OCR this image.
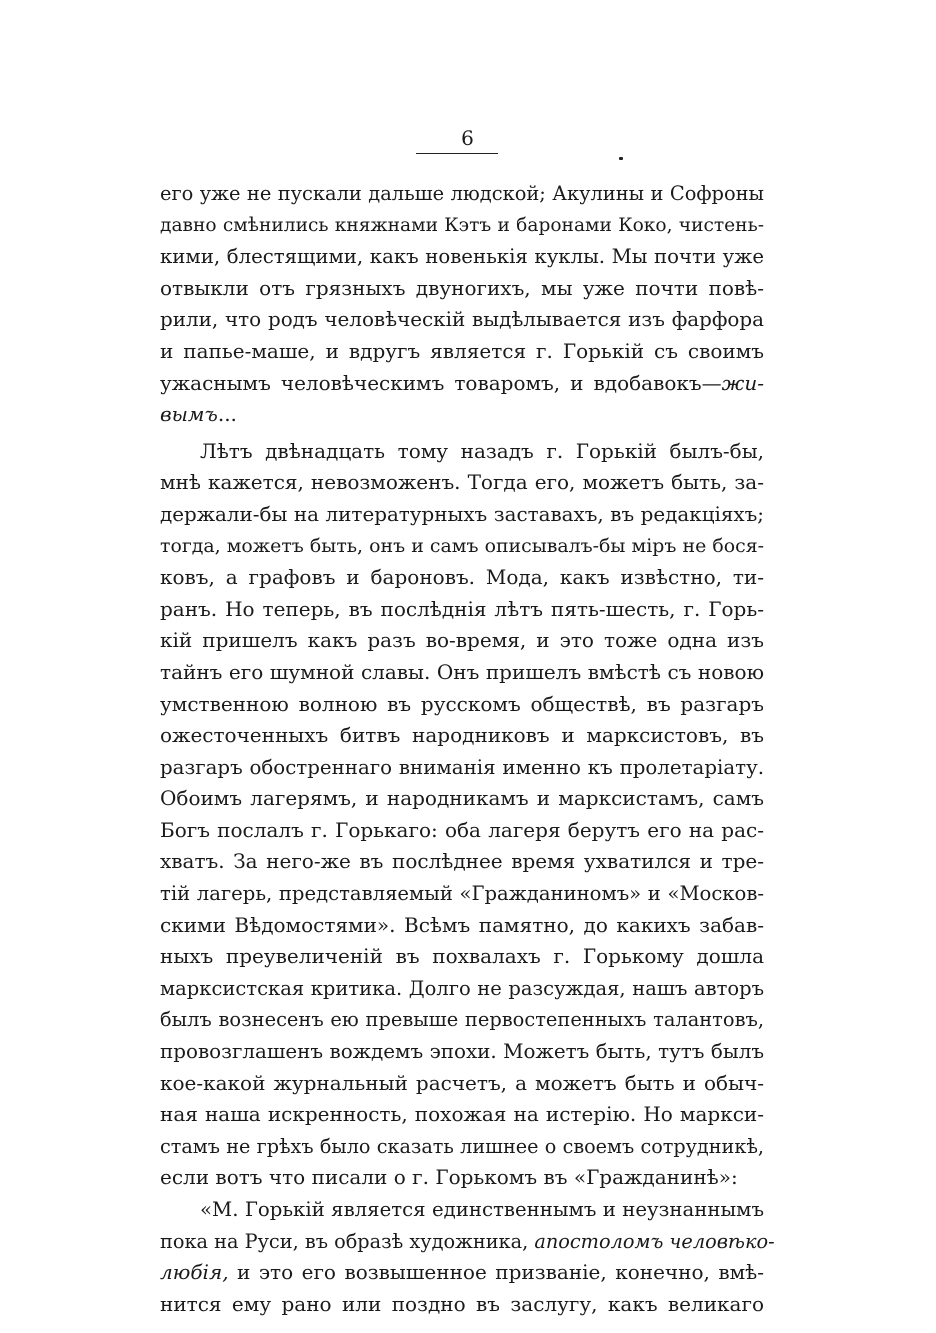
6
его уже не пускали дальше людской; Акулины и Софроны
давно смѣнились княжнами Кэтъ и баронами Коко, чистень-
кими, блестящими, какъ новенькія куклы. Мы почти уже
отвыкли отъ грязныхъ двуногихъ, мы уже почти повѣ-
рили, что родъ человѣческій выдѣлывается изъ фарфора
и папье-маше, и вдругъ является г. Горькій съ своимъ
ужаснымъ человѣческимъ товаромъ, и вдобавокъ—жи-
вымъ...
Лѣтъ двѣнадцать тому назадъ г. Горькій былъ-бы,
мнѣ кажется, невозможенъ. Тогда его, можетъ быть, за-
держали-бы на литературныхъ заставахъ, въ редакціяхъ;
тогда, можетъ быть, онъ и самъ описывалъ-бы міръ не бося-
ковъ, а графовъ и бароновъ. Мода, какъ извѣстно, ти-
ранъ. Но теперь, въ послѣднія лѣтъ пять-шесть, г. Горь-
кій пришелъ какъ разъ во-время, и это тоже одна изъ
тайнъ его шумной славы. Онъ пришелъ вмѣстѣ съ новою
умственною волною въ русскомъ обществѣ, въ разгаръ
ожесточенныхъ битвъ народниковъ и марксистовъ, въ
разгаръ обостреннаго вниманія именно къ пролетаріату.
Обоимъ лагерямъ, и народникамъ и марксистамъ, самъ
Богъ послалъ г. Горькаго: оба лагеря берутъ его на рас-
хватъ. За него-же въ послѣднее время ухватился и тре-
тій лагерь, представляемый «Гражданиномъ» и «Москов-
скими Вѣдомостями». Всѣмъ памятно, до какихъ забав-
ныхъ преувеличеній въ похвалахъ г. Горькому дошла
марксистская критика. Долго не разсуждая, нашъ авторъ
былъ вознесенъ ею превыше первостепенныхъ талантовъ,
провозглашенъ вождемъ эпохи. Можетъ быть, тутъ былъ
кое-какой журнальный расчетъ, а можетъ быть и обыч-
ная наша искренность, похожая на истерію. Но маркси-
стамъ не грѣхъ было сказать лишнее о своемъ сотрудникѣ,
если вотъ что писали о г. Горькомъ въ «Гражданинѣ»:
«М. Горькій является единственнымъ и неузнаннымъ
пока на Руси, въ образѣ художника, апостоломъ человѣко-
любія, и это его возвышенное призваніе, конечно, вмѣ-
нится ему рано или поздно въ заслугу, какъ великаго
